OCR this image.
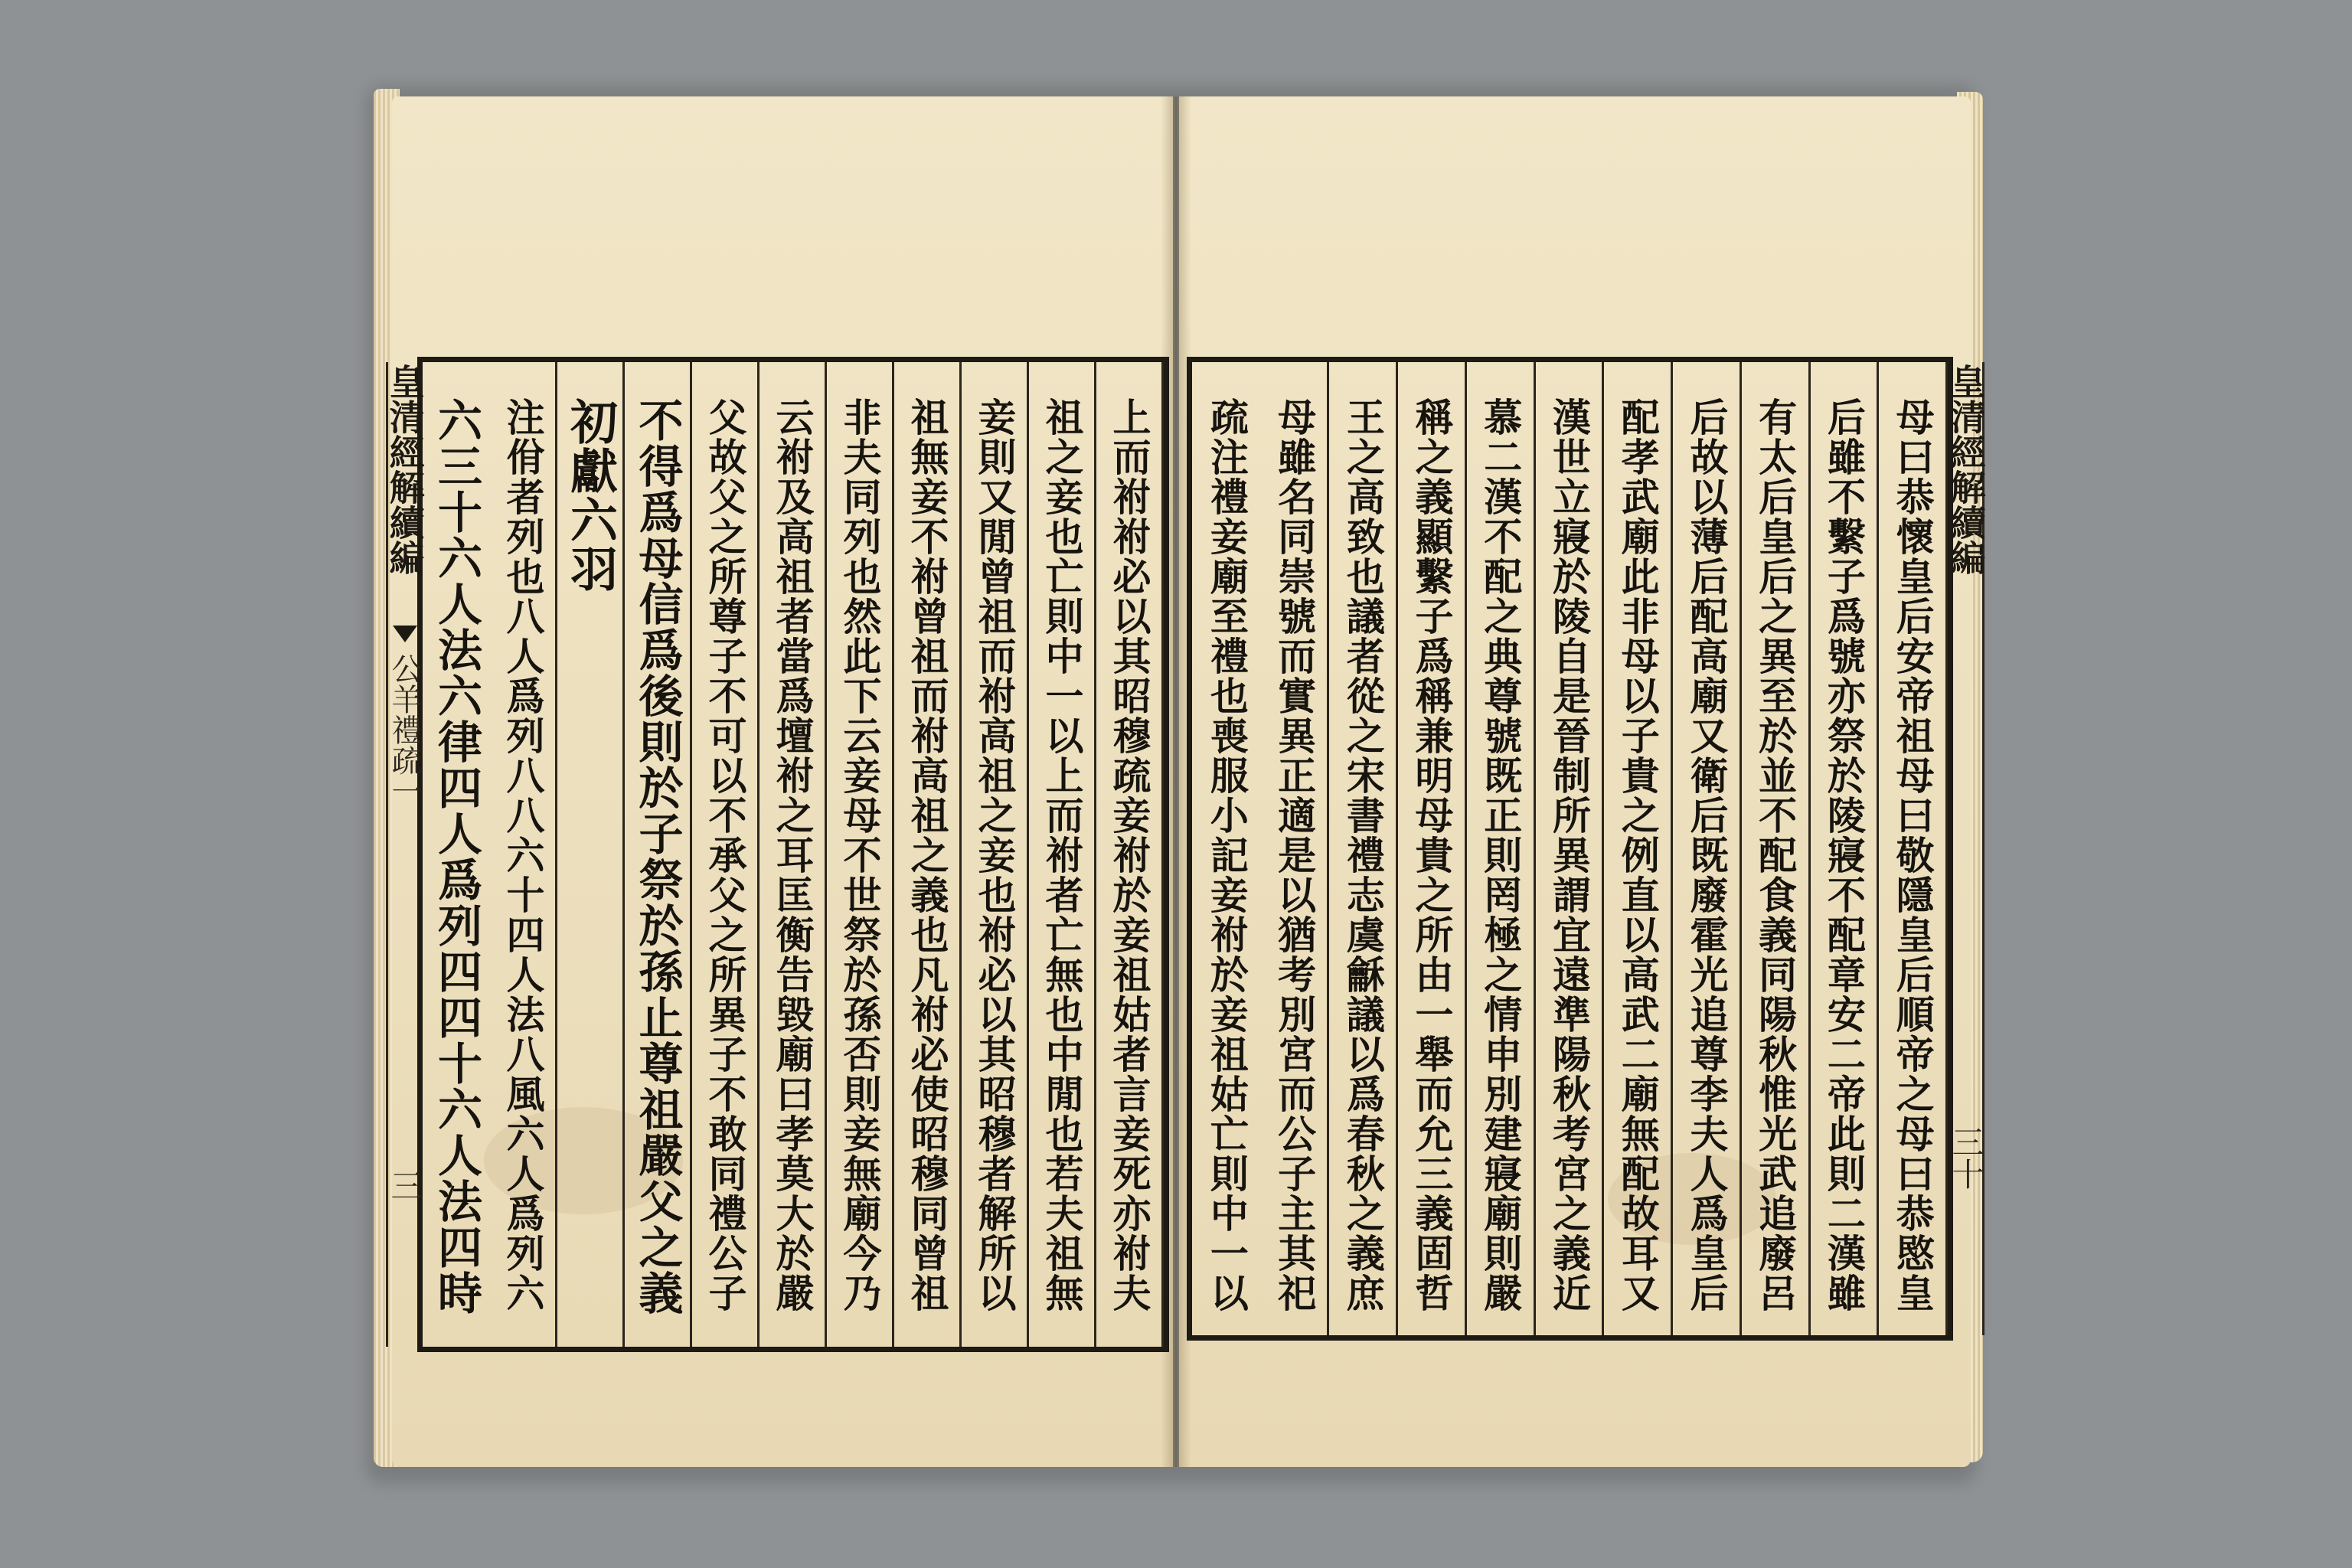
皇清經解續編
公羊禮疏一
三	上而祔祔必以其昭穆疏妾祔於妾祖姑者言妾死亦祔夫
祖之妾也亡則中一以上而祔者亡無也中閒也若夫祖無
妾則又閒曾祖而祔高祖之妾也祔必以其昭穆者解所以
祖無妾不祔曾祖而祔高祖之義也凡祔必使昭穆同曾祖
非夫同列也然此下云妾母不世祭於孫否則妾無廟今乃
云祔及高祖者當爲壇祔之耳匡衡告毀廟曰孝莫大於嚴
父故父之所尊子不可以不承父之所異子不敢同禮公子
不得爲母信爲後則於子祭於孫止尊祖嚴父之義
初獻六羽
注佾者列也八人爲列八八六十四人法八風六人爲列六
六三十六人法六律四人爲列四四十六人法四時	皇清經解續編
三十
母曰恭懷皇后安帝祖母曰敬隱皇后順帝之母曰恭愍皇
后雖不繫子爲號亦祭於陵寢不配章安二帝此則二漢雖
有太后皇后之異至於並不配食義同陽秋惟光武追廢呂
后故以薄后配高廟又衛后既廢霍光追尊李夫人爲皇后
配孝武廟此非母以子貴之例直以高武二廟無配故耳又
漢世立寢於陵自是晉制所異謂宜遠準陽秋考宮之義近
慕二漢不配之典尊號既正則罔極之情申別建寢廟則嚴
稱之義顯繫子爲稱兼明母貴之所由一舉而允三義固哲
王之高致也議者從之宋書禮志虞龢議以爲春秋之義庶
母雖名同崇號而實異正適是以猶考別宮而公子主其祀
疏注禮妾廟至禮也喪服小記妾祔於妾祖姑亡則中一以
